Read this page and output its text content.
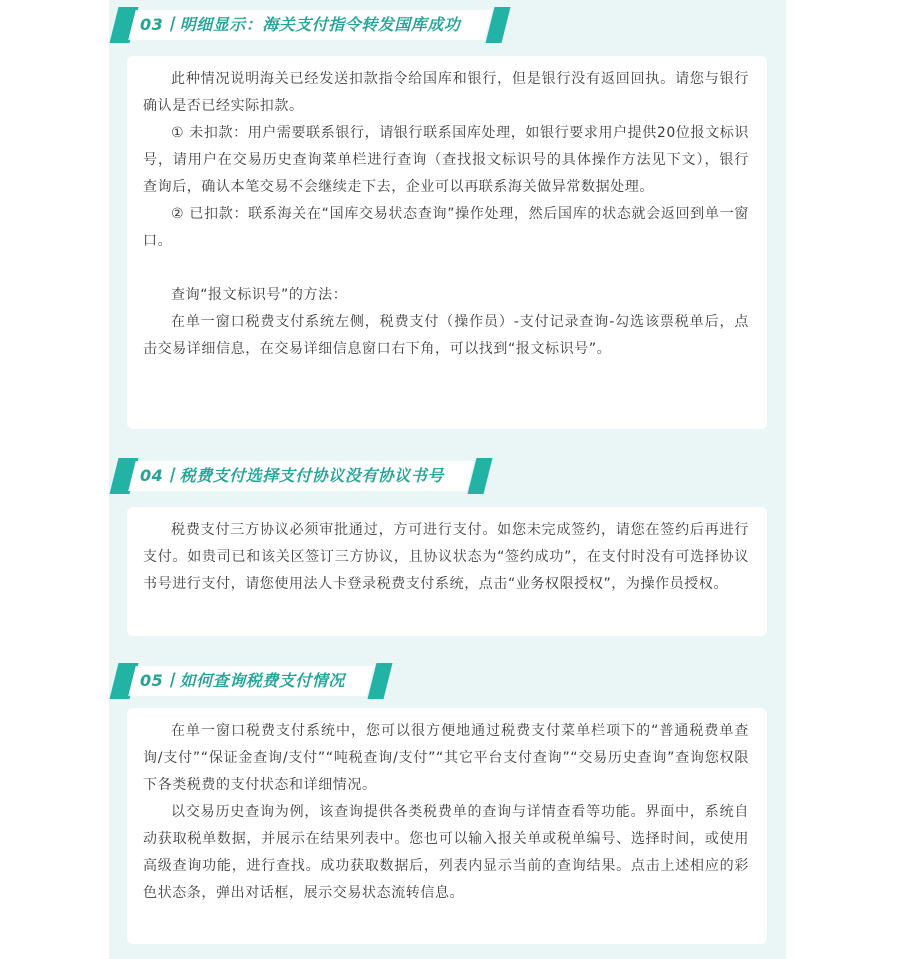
03丨明细显示：海关支付指令转发国库成功

此种情况说明海关已经发送扣款指令给国库和银行，但是银行没有返回回执。请您与银行确认是否已经实际扣款。

① 未扣款：用户需要联系银行，请银行联系国库处理，如银行要求用户提供20位报文标识号，请用户在交易历史查询菜单栏进行查询（查找报文标识号的具体操作方法见下文），银行查询后，确认本笔交易不会继续走下去，企业可以再联系海关做异常数据处理。

② 已扣款：联系海关在“国库交易状态查询”操作处理，然后国库的状态就会返回到单一窗口。

查询“报文标识号”的方法：

在单一窗口税费支付系统左侧，税费支付（操作员）-支付记录查询-勾选该票税单后，点击交易详细信息，在交易详细信息窗口右下角，可以找到“报文标识号”。

04丨税费支付选择支付协议没有协议书号

税费支付三方协议必须审批通过，方可进行支付。如您未完成签约，请您在签约后再进行支付。如贵司已和该关区签订三方协议，且协议状态为“签约成功”，在支付时没有可选择协议书号进行支付，请您使用法人卡登录税费支付系统，点击“业务权限授权”，为操作员授权。

05丨如何查询税费支付情况

在单一窗口税费支付系统中，您可以很方便地通过税费支付菜单栏项下的“普通税费单查询/支付”“保证金查询/支付”“吨税查询/支付”“其它平台支付查询”“交易历史查询”查询您权限下各类税费的支付状态和详细情况。

以交易历史查询为例，该查询提供各类税费单的查询与详情查看等功能。界面中，系统自动获取税单数据，并展示在结果列表中。您也可以输入报关单或税单编号、选择时间，或使用高级查询功能，进行查找。成功获取数据后，列表内显示当前的查询结果。点击上述相应的彩色状态条，弹出对话框，展示交易状态流转信息。
